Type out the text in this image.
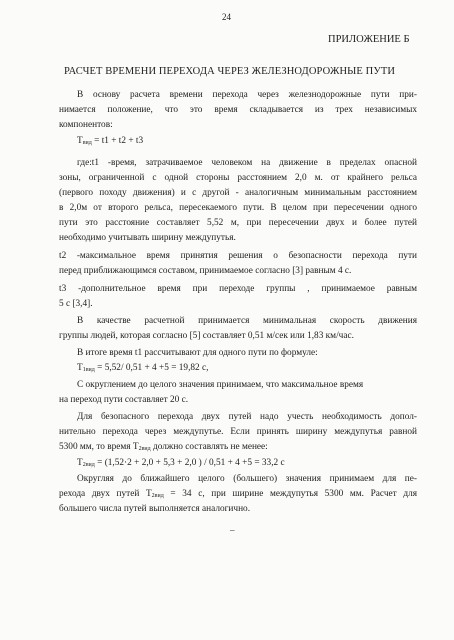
24
ПРИЛОЖЕНИЕ Б
РАСЧЕТ ВРЕМЕНИ ПЕРЕХОДА ЧЕРЕЗ ЖЕЛЕЗНОДОРОЖНЫЕ ПУТИ
В основу расчета времени перехода через железнодорожные пути при-
нимается положение, что это время складывается из трех независимых
компонентов:
$Т_{вид} = t1 + t2 + t3$
где:t1 -время, затрачиваемое человеком на движение в пределах опасной
зоны, ограниченной с одной стороны расстоянием 2,0 м. от крайнего рельса
(первого походу движения) и с другой - аналогичным минимальным расстоянием
в 2,0м от второго рельса, пересекаемого пути. В целом при пересечении одного
пути это расстояние составляет 5,52 м, при пересечении двух и более путей
необходимо учитывать ширину междупутья.
t2 -максимальное время принятия решения о безопасности перехода пути
перед приближающимся составом, принимаемое согласно [3] равным 4 с.
t3 -дополнительное время при переходе группы , принимаемое равным
5 с [3,4].
В качестве расчетной принимается минимальная скорость движения
группы людей, которая согласно [5] составляет 0,51 м/сек или 1,83 км/час.
В итоге время t1 рассчитывают для одного пути по формуле:
$Т_{1вид} = 5,52/$ 0,51 + 4 +5 = 19,82 с,
С округлением до целого значения принимаем, что максимальное время
на переход пути составляет 20 с.
Для безопасного перехода двух путей надо учесть необходимость допол-
нительно перехода через междупутье. Если принять ширину междупутья равной
5300 мм, то время $Т_{2вид}$ должно составлять не менее:
$Т_{2вид} = (1,52\cdot 2 + 2,0 + 5,3 + 2,0$ ) / 0,51 + 4 +5 = 33,2 с
Округляя до ближайшего целого (большего) значения принимаем для пе-
рехода двух путей $Т_{2вид} = 34$ с, при ширине междупутья 5300 мм. Расчет для
большего числа путей выполняется аналогично.
–
